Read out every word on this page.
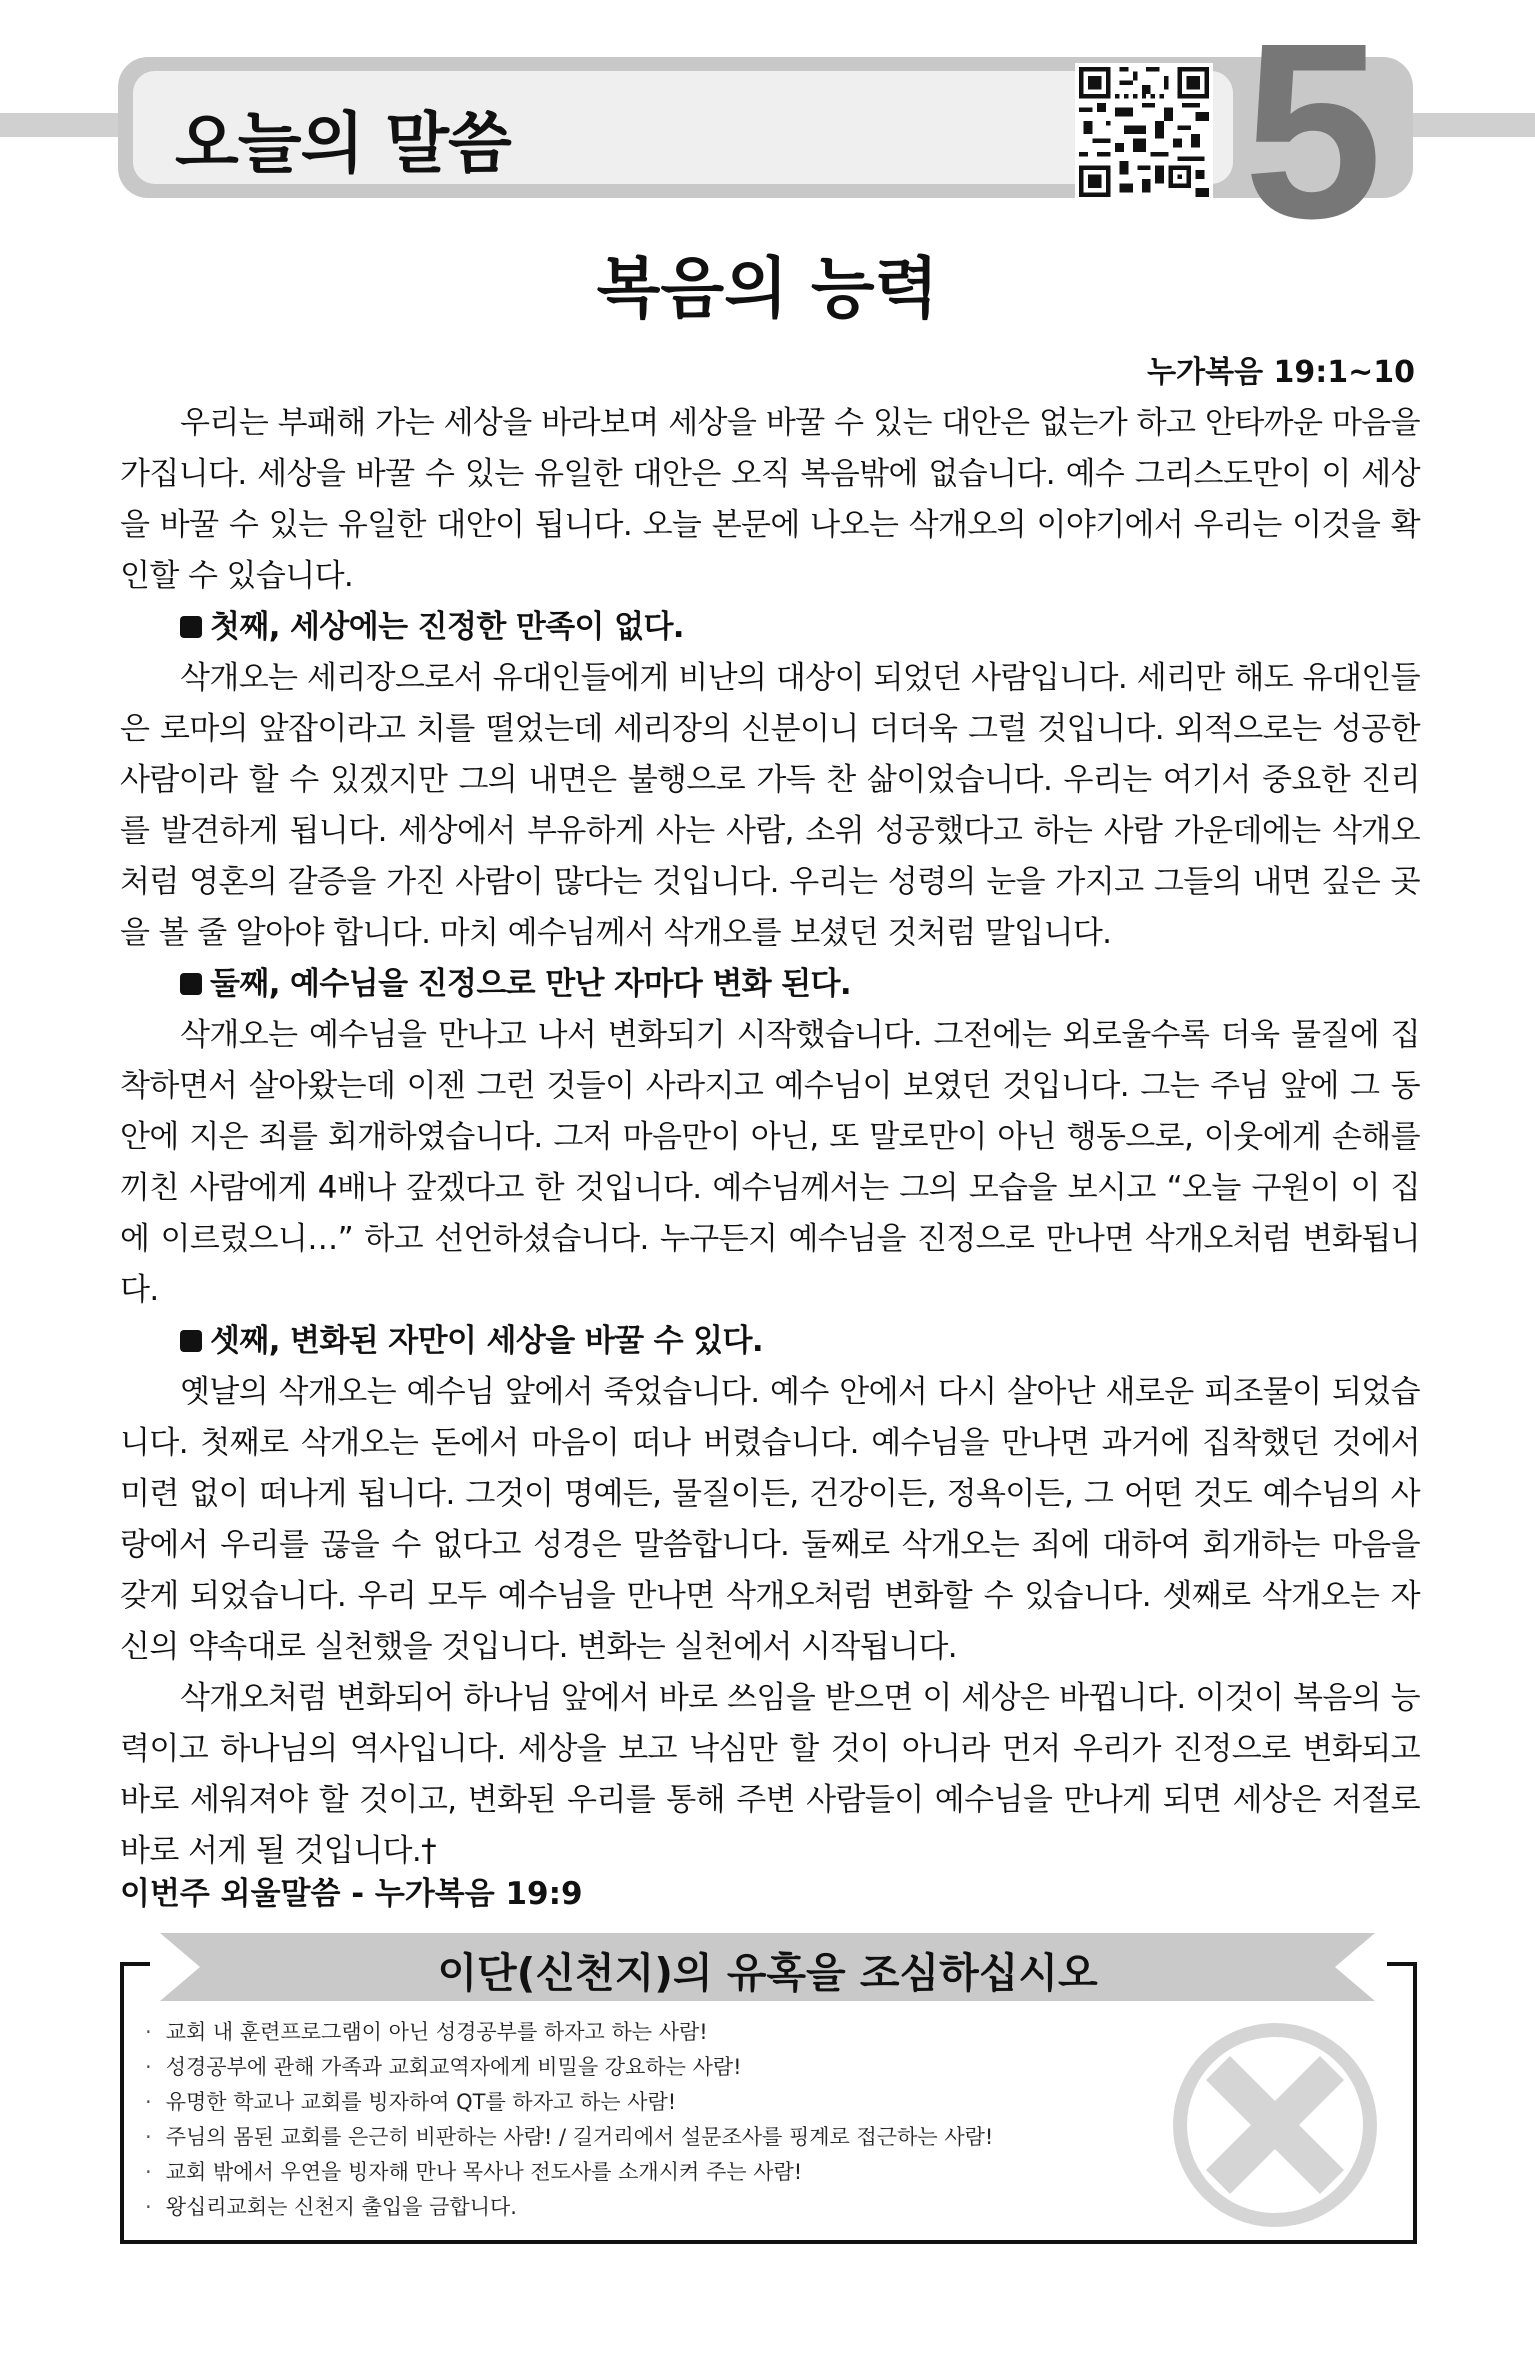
오늘의 말씀	5
복음의 능력
누가복음 19:1~10

우리는 부패해 가는 세상을 바라보며 세상을 바꿀 수 있는 대안은 없는가 하고 안타까운 마음을 가집니다. 세상을 바꿀 수 있는 유일한 대안은 오직 복음밖에 없습니다. 예수 그리스도만이 이 세상을 바꿀 수 있는 유일한 대안이 됩니다. 오늘 본문에 나오는 삭개오의 이야기에서 우리는 이것을 확인할 수 있습니다.

첫째, 세상에는 진정한 만족이 없다.

삭개오는 세리장으로서 유대인들에게 비난의 대상이 되었던 사람입니다. 세리만 해도 유대인들은 로마의 앞잡이라고 치를 떨었는데 세리장의 신분이니 더더욱 그럴 것입니다. 외적으로는 성공한 사람이라 할 수 있겠지만 그의 내면은 불행으로 가득 찬 삶이었습니다. 우리는 여기서 중요한 진리를 발견하게 됩니다. 세상에서 부유하게 사는 사람, 소위 성공했다고 하는 사람 가운데에는 삭개오처럼 영혼의 갈증을 가진 사람이 많다는 것입니다. 우리는 성령의 눈을 가지고 그들의 내면 깊은 곳을 볼 줄 알아야 합니다. 마치 예수님께서 삭개오를 보셨던 것처럼 말입니다.

둘째, 예수님을 진정으로 만난 자마다 변화 된다.

삭개오는 예수님을 만나고 나서 변화되기 시작했습니다. 그전에는 외로울수록 더욱 물질에 집착하면서 살아왔는데 이젠 그런 것들이 사라지고 예수님이 보였던 것입니다. 그는 주님 앞에 그 동안에 지은 죄를 회개하였습니다. 그저 마음만이 아닌, 또 말로만이 아닌 행동으로, 이웃에게 손해를 끼친 사람에게 4배나 갚겠다고 한 것입니다. 예수님께서는 그의 모습을 보시고 “오늘 구원이 이 집에 이르렀으니…” 하고 선언하셨습니다. 누구든지 예수님을 진정으로 만나면 삭개오처럼 변화됩니다.

셋째, 변화된 자만이 세상을 바꿀 수 있다.

옛날의 삭개오는 예수님 앞에서 죽었습니다. 예수 안에서 다시 살아난 새로운 피조물이 되었습니다. 첫째로 삭개오는 돈에서 마음이 떠나 버렸습니다. 예수님을 만나면 과거에 집착했던 것에서 미련 없이 떠나게 됩니다. 그것이 명예든, 물질이든, 건강이든, 정욕이든, 그 어떤 것도 예수님의 사랑에서 우리를 끊을 수 없다고 성경은 말씀합니다. 둘째로 삭개오는 죄에 대하여 회개하는 마음을 갖게 되었습니다. 우리 모두 예수님을 만나면 삭개오처럼 변화할 수 있습니다. 셋째로 삭개오는 자신의 약속대로 실천했을 것입니다. 변화는 실천에서 시작됩니다.

삭개오처럼 변화되어 하나님 앞에서 바로 쓰임을 받으면 이 세상은 바뀝니다. 이것이 복음의 능력이고 하나님의 역사입니다. 세상을 보고 낙심만 할 것이 아니라 먼저 우리가 진정으로 변화되고 바로 세워져야 할 것이고, 변화된 우리를 통해 주변 사람들이 예수님을 만나게 되면 세상은 저절로 바로 서게 될 것입니다.†

이번주 외울말씀 - 누가복음 19:9
이단(신천지)의 유혹을 조심하십시오
· 교회 내 훈련프로그램이 아닌 성경공부를 하자고 하는 사람!
· 성경공부에 관해 가족과 교회교역자에게 비밀을 강요하는 사람!
· 유명한 학교나 교회를 빙자하여 QT를 하자고 하는 사람!
· 주님의 몸된 교회를 은근히 비판하는 사람! / 길거리에서 설문조사를 핑계로 접근하는 사람!
· 교회 밖에서 우연을 빙자해 만나 목사나 전도사를 소개시켜 주는 사람!
· 왕십리교회는 신천지 출입을 금합니다.
